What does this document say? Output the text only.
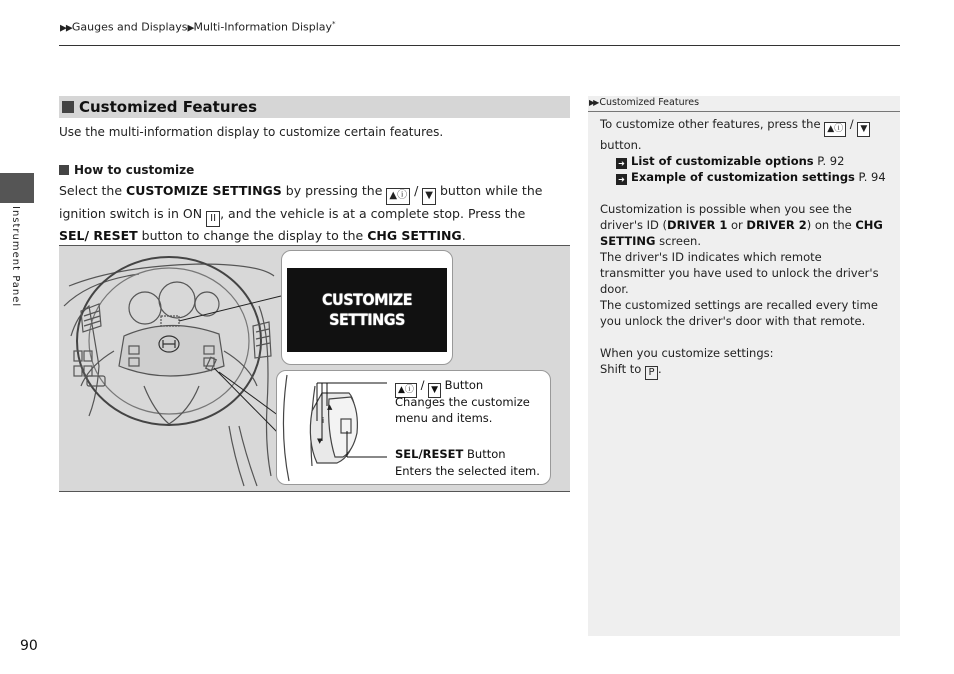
▶▶Gauges and Displays▶Multi-Information Display*
Instrument Panel
Customized Features
Use the multi-information display to customize certain features.
How to customize
Select the CUSTOMIZE SETTINGS by pressing the ▲ⓘ / ▼ button while the ignition switch is in ON II , and the vehicle is at a complete stop. Press the SEL/ RESET button to change the display to the CHG SETTING.
CUSTOMIZE
SETTINGS
▲
i
▼
▲ⓘ / ▼ Button
Changes the customize
menu and items.
SEL/RESET Button
Enters the selected item.
▶▶ Customized Features
To customize other features, press the ▲ⓘ / ▼ button.
➜ List of customizable options P. 92
➜ Example of customization settings P. 94
Customization is possible when you see the driver's ID (DRIVER 1 or DRIVER 2) on the CHG SETTING screen.
The driver's ID indicates which remote transmitter you have used to unlock the driver's door.
The customized settings are recalled every time you unlock the driver's door with that remote.
When you customize settings:
Shift to P .
90
